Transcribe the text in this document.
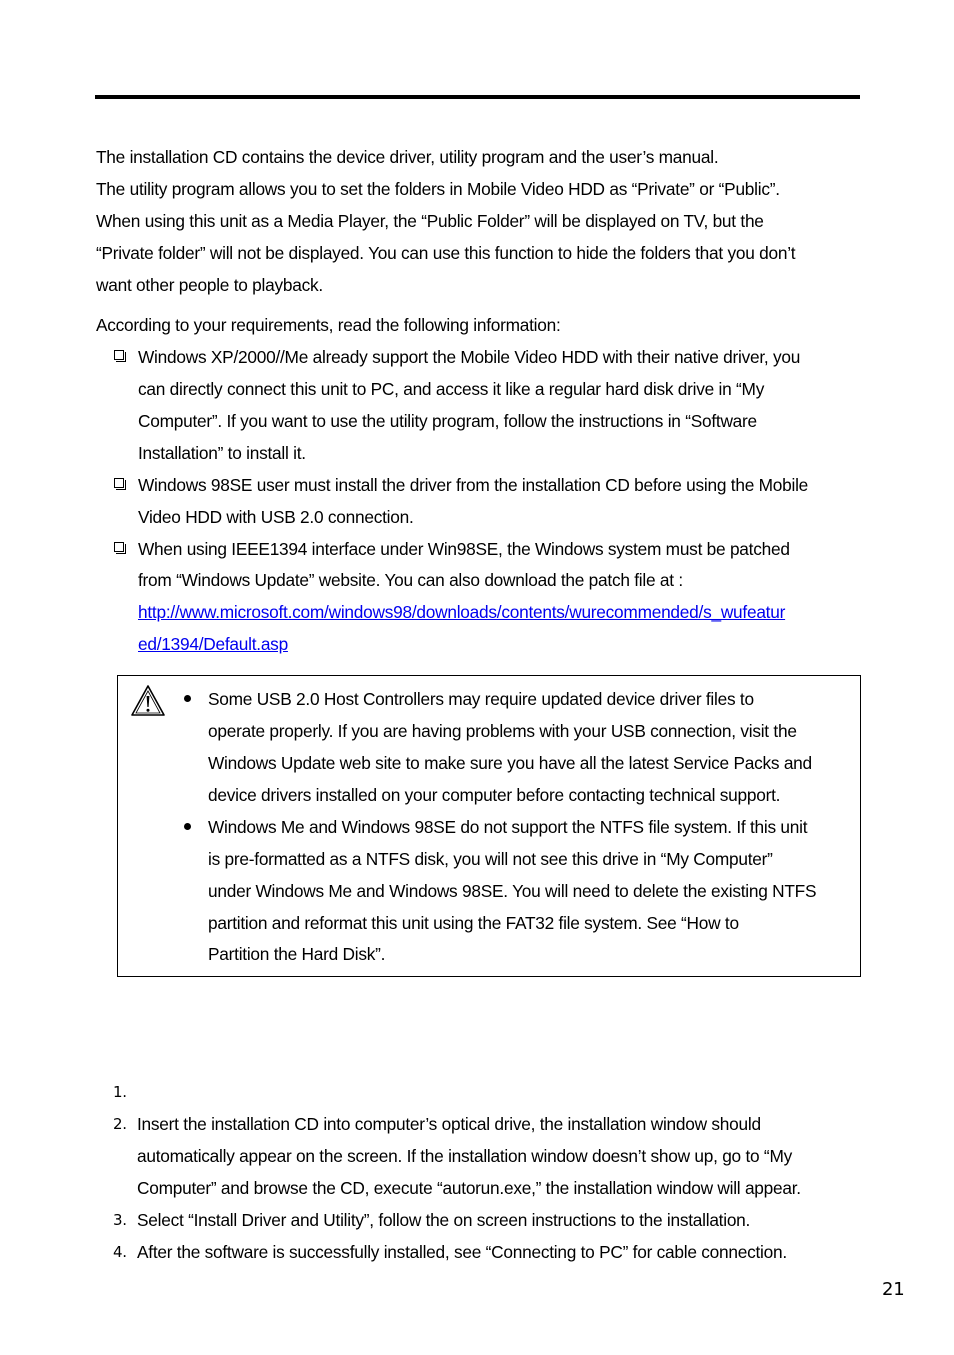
The installation CD contains the device driver, utility program and the user’s manual.
The utility program allows you to set the folders in Mobile Video HDD as “Private” or “Public”.
When using this unit as a Media Player, the “Public Folder” will be displayed on TV, but the
“Private folder” will not be displayed. You can use this function to hide the folders that you don’t
want other people to playback.
According to your requirements, read the following information:
Windows XP/2000//Me already support the Mobile Video HDD with their native driver, you
can directly connect this unit to PC, and access it like a regular hard disk drive in “My
Computer”. If you want to use the utility program, follow the instructions in “Software
Installation” to install it.
Windows 98SE user must install the driver from the installation CD before using the Mobile
Video HDD with USB 2.0 connection.
When using IEEE1394 interface under Win98SE, the Windows system must be patched
from “Windows Update” website. You can also download the patch file at :
http://www.microsoft.com/windows98/downloads/contents/wurecommended/s_wufeatur
ed/1394/Default.asp
Some USB 2.0 Host Controllers may require updated device driver files to
operate properly. If you are having problems with your USB connection, visit the
Windows Update web site to make sure you have all the latest Service Packs and
device drivers installed on your computer before contacting technical support.
Windows Me and Windows 98SE do not support the NTFS file system. If this unit
is pre-formatted as a NTFS disk, you will not see this drive in “My Computer”
under Windows Me and Windows 98SE. You will need to delete the existing NTFS
partition and reformat this unit using the FAT32 file system. See “How to
Partition the Hard Disk”.
1.
2. Insert the installation CD into computer’s optical drive, the installation window should
automatically appear on the screen. If the installation window doesn’t show up, go to “My
Computer” and browse the CD, execute “autorun.exe,” the installation window will appear.
3. Select “Install Driver and Utility”, follow the on screen instructions to the installation.
4. After the software is successfully installed, see “Connecting to PC” for cable connection.
21
